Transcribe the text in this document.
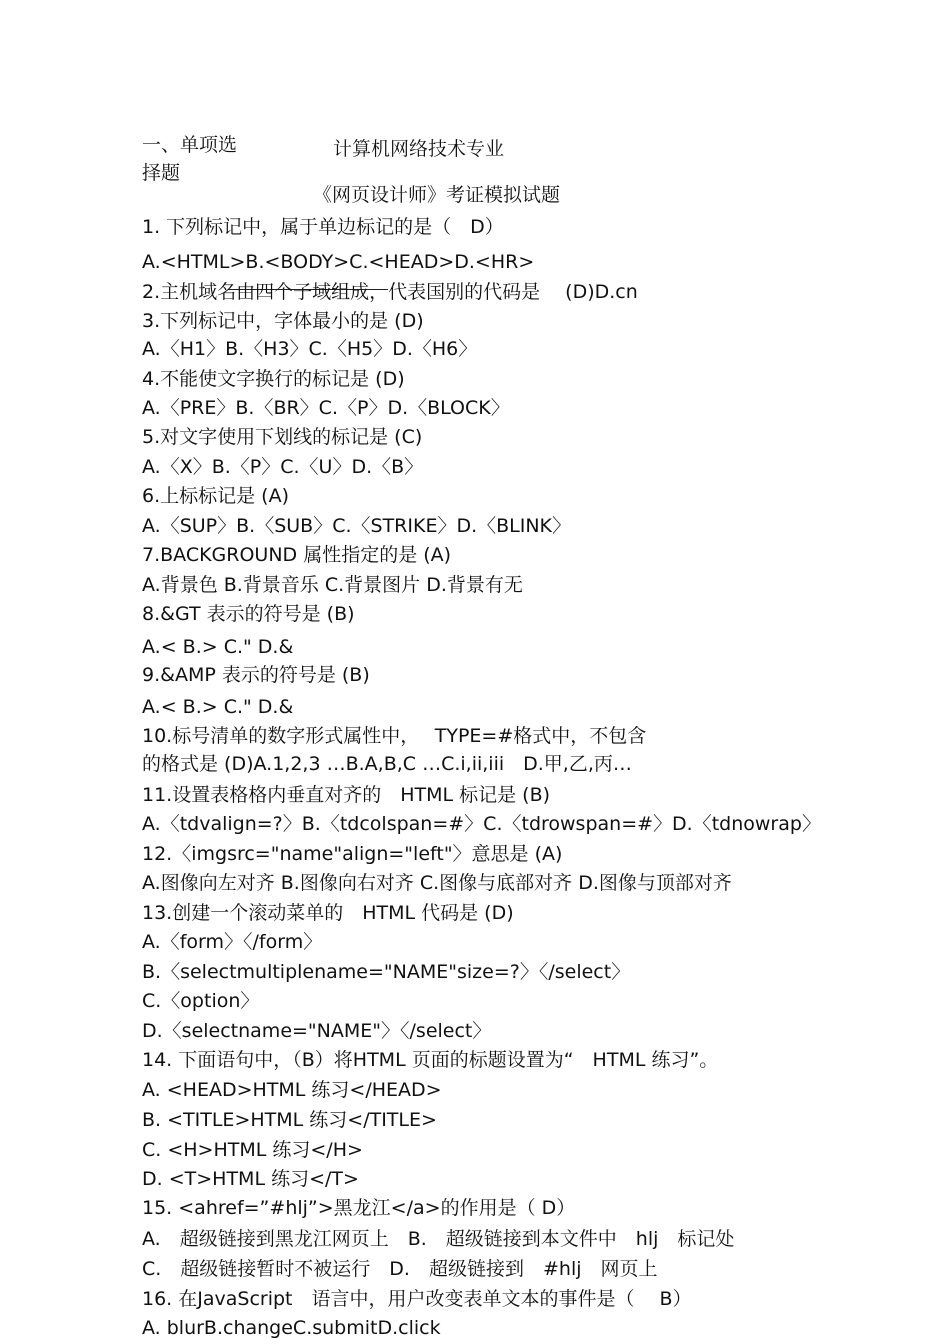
一、单项选
择题
计算机网络技术专业
《网页设计师》考证模拟试题
1. 下列标记中，属于单边标记的是（　D）
A.<HTML>B.<BODY>C.<HEAD>D.<HR>
2.主机域名由四个子域组成，代表国别的代码是　 (D)D.cn
3.下列标记中，字体最小的是 (D)
A.〈H1〉B.〈H3〉C.〈H5〉D.〈H6〉
4.不能使文字换行的标记是 (D)
A.〈PRE〉B.〈BR〉C.〈P〉D.〈BLOCK〉
5.对文字使用下划线的标记是 (C)
A.〈X〉B.〈P〉C.〈U〉D.〈B〉
6.上标标记是 (A)
A.〈SUP〉B.〈SUB〉C.〈STRIKE〉D.〈BLINK〉
7.BACKGROUND 属性指定的是 (A)
A.背景色 B.背景音乐 C.背景图片 D.背景有无
8.&GT 表示的符号是 (B)
A.< B.> C." D.&
9.&AMP 表示的符号是 (B)
A.< B.> C." D.&
10.标号清单的数字形式属性中，　 TYPE=#格式中，不包含
的格式是 (D)A.1,2,3 …B.A,B,C …C.i,ii,iii　D.甲,乙,丙…
11.设置表格格内垂直对齐的　HTML 标记是 (B)
A.〈tdvalign=?〉B.〈tdcolspan=#〉C.〈tdrowspan=#〉D.〈tdnowrap〉
12.〈imgsrc="name"align="left"〉意思是 (A)
A.图像向左对齐 B.图像向右对齐 C.图像与底部对齐 D.图像与顶部对齐
13.创建一个滚动菜单的　HTML 代码是 (D)
A.〈form〉〈/form〉
B.〈selectmultiplename="NAME"size=?〉〈/select〉
C.〈option〉
D.〈selectname="NAME"〉〈/select〉
14. 下面语句中，（B）将HTML 页面的标题设置为“　HTML 练习”。
A. <HEAD>HTML 练习</HEAD>
B. <TITLE>HTML 练习</TITLE>
C. <H>HTML 练习</H>
D. <T>HTML 练习</T>
15. <ahref=”#hlj”>黑龙江</a>的作用是（ D）
A.　超级链接到黑龙江网页上　B.　超级链接到本文件中　hlj　标记处
C.　超级链接暂时不被运行　D.　超级链接到　#hlj　网页上
16. 在JavaScript　语言中，用户改变表单文本的事件是（　 B）
A. blurB.changeC.submitD.click
